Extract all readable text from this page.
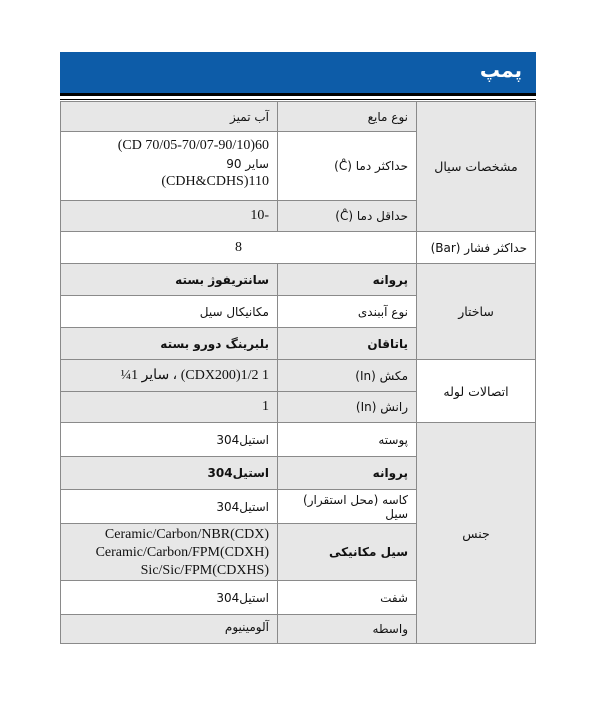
پمپ
مشخصات سیال
نوع مایع
آب تمیز
حداکثر دما (C̊)
60(CD 70/05-70/07-90/10)
سایر 90
110(CDH&CDHS)
حداقل دما (C̊)
-10
حداکثر فشار (Bar)
8
ساختار
پروانه
سانتریفوژ بسته
نوع آببندی
مکانیکال سیل
یاتاقان
بلبرینگ دورو بسته
اتصالات لوله
مکش (In)
1 1/2(CDX200) ، سایر 1¼
رانش (In)
1
جنس
پوسته
استیل304
پروانه
استیل304
کاسه (محل استقرار) سیل
استیل304
سیل مکانیکی
Ceramic/Carbon/NBR(CDX)
Ceramic/Carbon/FPM(CDXH)
Sic/Sic/FPM(CDXHS)
شفت
استیل304
واسطه
آلومینیوم
